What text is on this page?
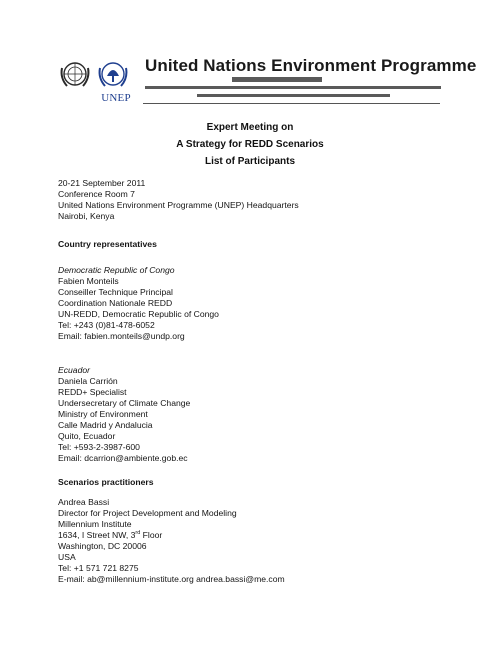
UNEP
United Nations Environment Programme
Expert Meeting on
A Strategy for REDD Scenarios
List of Participants
20-21 September 2011
Conference Room 7
United Nations Environment Programme (UNEP) Headquarters
Nairobi, Kenya
Country representatives
Democratic Republic of Congo
Fabien Monteils
Conseiller Technique Principal
Coordination Nationale REDD
UN-REDD, Democratic Republic of Congo
Tel: +243 (0)81-478-6052
Email: fabien.monteils@undp.org
Ecuador
Daniela Carrión
REDD+ Specialist
Undersecretary of Climate Change
Ministry of Environment
Calle Madrid y Andalucia
Quito, Ecuador
Tel: +593-2-3987-600
Email: dcarrion@ambiente.gob.ec
Scenarios practitioners
Andrea Bassi
Director for Project Development and Modeling
Millennium Institute
1634, I Street NW, 3rd Floor
Washington, DC 20006
USA
Tel: +1 571 721 8275
E-mail: ab@millennium-institute.org andrea.bassi@me.com
